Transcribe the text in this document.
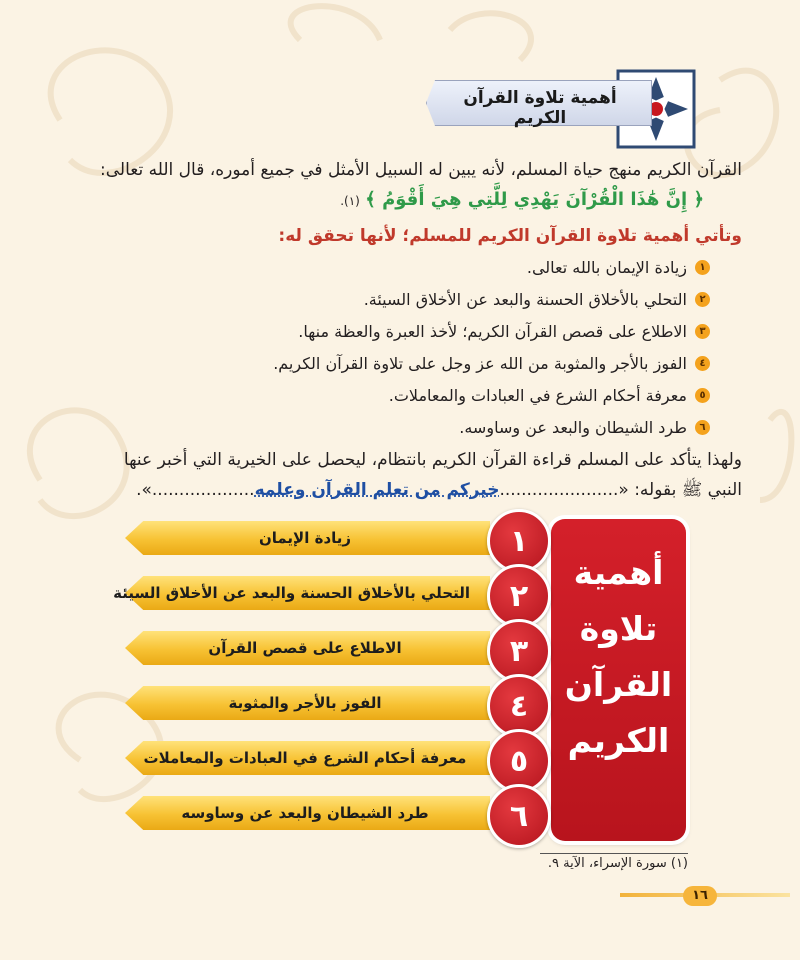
أهمية تلاوة القرآن الكريم
القرآن الكريم منهج حياة المسلم، لأنه يبين له السبيل الأمثل في جميع أموره، قال الله تعالى:
﴿ إِنَّ هَٰذَا الْقُرْآنَ يَهْدِي لِلَّتِي هِيَ أَقْوَمُ ﴾ (١).
وتأتي أهمية تلاوة القرآن الكريم للمسلم؛ لأنها تحقق له:
١
زيادة الإيمان بالله تعالى.
٢
التحلي بالأخلاق الحسنة والبعد عن الأخلاق السيئة.
٣
الاطلاع على قصص القرآن الكريم؛ لأخذ العبرة والعظة منها.
٤
الفوز بالأجر والمثوبة من الله عز وجل على تلاوة القرآن الكريم.
٥
معرفة أحكام الشرع في العبادات والمعاملات.
٦
طرد الشيطان والبعد عن وساوسه.
ولهذا يتأكد على المسلم قراءة القرآن الكريم بانتظام، ليحصل على الخيرية التي أخبر عنها
النبي ﷺ بقوله: «......................خيركم من تعلم القرآن وعلمه...................».
أهمية
تلاوة
القرآن
الكريم
زيادة الإيمان	١
التحلي بالأخلاق الحسنة والبعد عن الأخلاق السيئة	٢
الاطلاع على قصص القرآن	٣
الفوز بالأجر والمثوبة	٤
معرفة أحكام الشرع في العبادات والمعاملات	٥
طرد الشيطان والبعد عن وساوسه	٦
(١) سورة الإسراء، الآية ٩.
١٦
